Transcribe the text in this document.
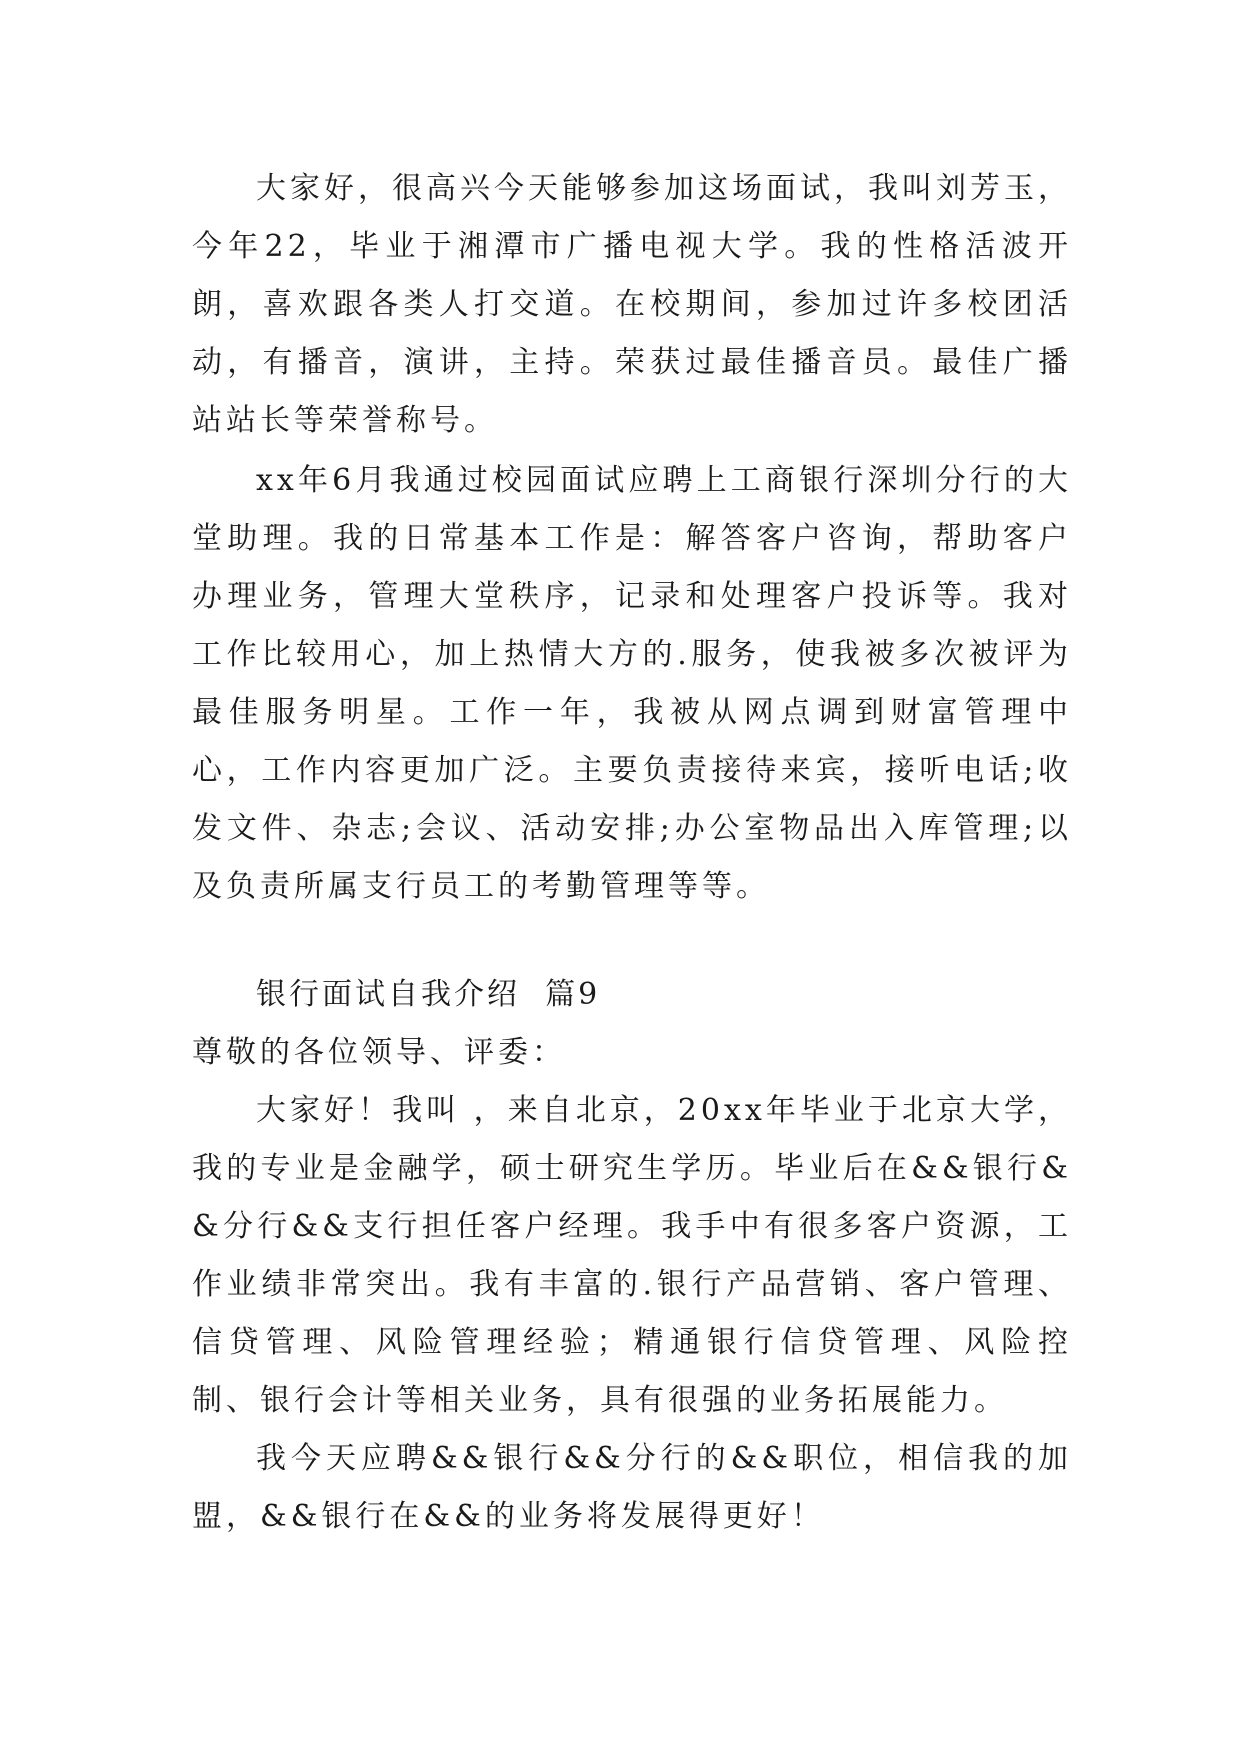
大家好，很高兴今天能够参加这场面试，我叫刘芳玉，今年22，毕业于湘潭市广播电视大学。我的性格活波开朗，喜欢跟各类人打交道。在校期间，参加过许多校团活动，有播音，演讲，主持。荣获过最佳播音员。最佳广播站站长等荣誉称号。

xx年6月我通过校园面试应聘上工商银行深圳分行的大堂助理。我的日常基本工作是：解答客户咨询，帮助客户办理业务，管理大堂秩序，记录和处理客户投诉等。我对工作比较用心，加上热情大方的.服务，使我被多次被评为最佳服务明星。工作一年，我被从网点调到财富管理中心，工作内容更加广泛。主要负责接待来宾，接听电话;收发文件、杂志;会议、活动安排;办公室物品出入库管理;以及负责所属支行员工的考勤管理等等。

银行面试自我介绍  篇9

尊敬的各位领导、评委：

大家好！我叫 ，来自北京，20xx年毕业于北京大学，我的专业是金融学，硕士研究生学历。毕业后在&&银行&&分行&&支行担任客户经理。我手中有很多客户资源，工作业绩非常突出。我有丰富的.银行产品营销、客户管理、信贷管理、风险管理经验；精通银行信贷管理、风险控制、银行会计等相关业务，具有很强的业务拓展能力。

我今天应聘&&银行&&分行的&&职位，相信我的加盟，&&银行在&&的业务将发展得更好！
